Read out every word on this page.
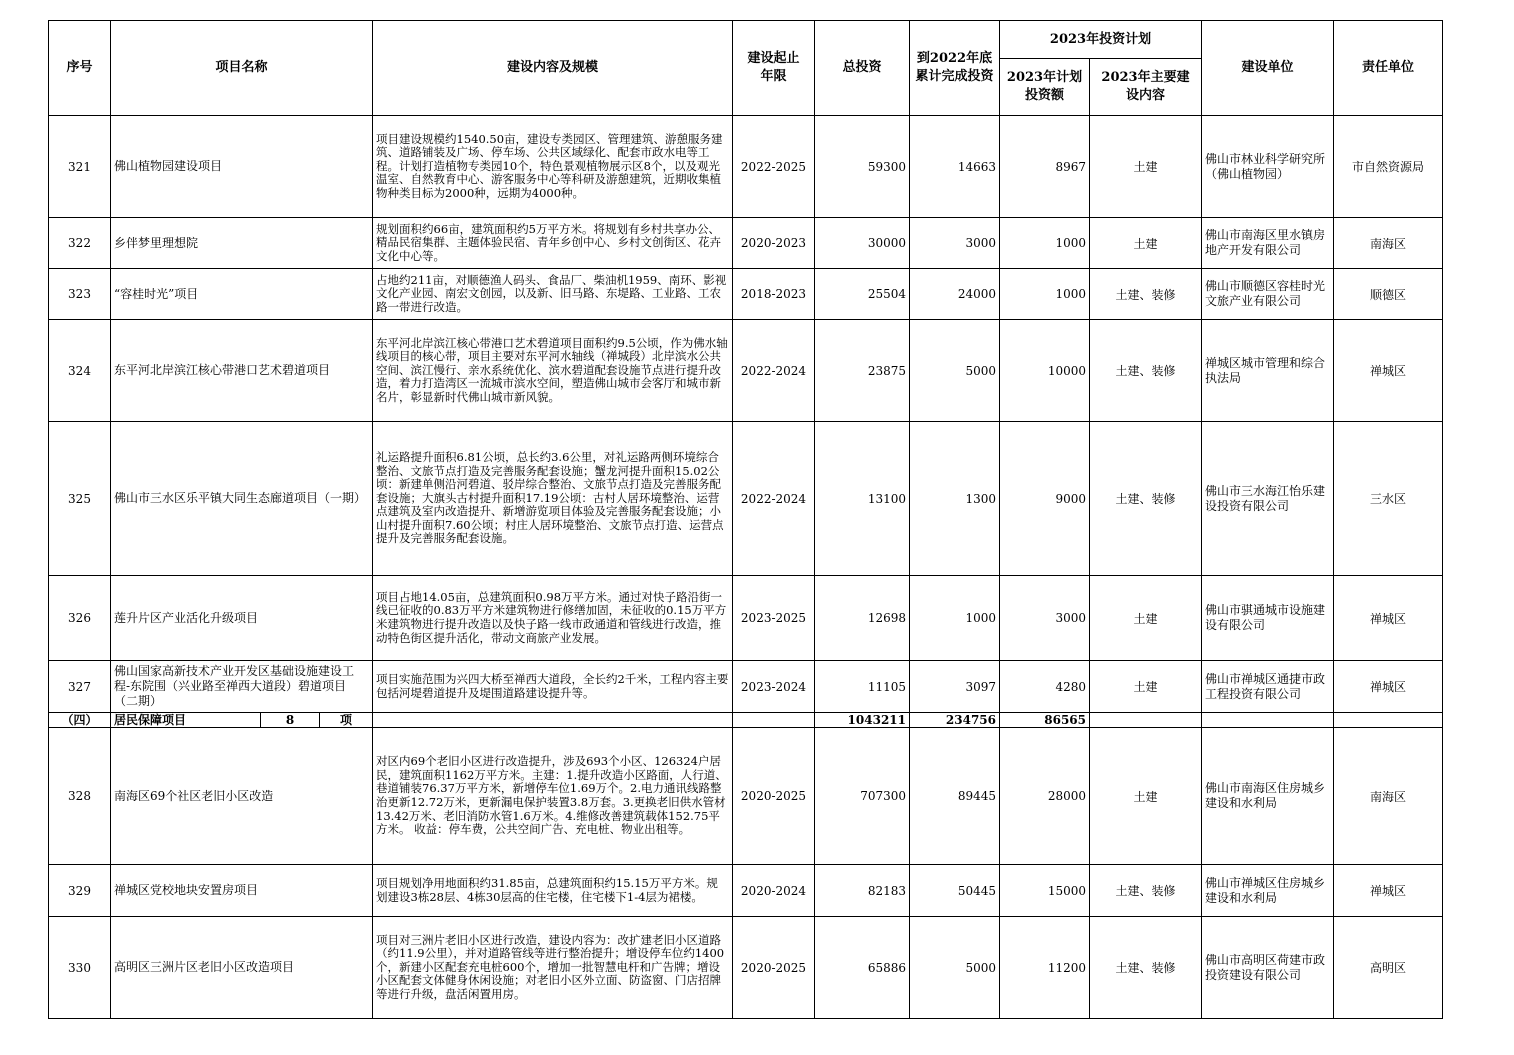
序号	项目名称	建设内容及规模	建设起止年限	总投资	到2022年底累计完成投资	2023年投资计划		建设单位	责任单位
						2023年计划投资额	2023年主要建设内容		
321	佛山植物园建设项目	项目建设规模约1540.50亩，建设专类园区、管理建筑、游憩服务建筑、道路铺装及广场、停车场、公共区域绿化、配套市政水电等工程。计划打造植物专类园10个，特色景观植物展示区8个，以及观光温室、自然教育中心、游客服务中心等科研及游憩建筑，近期收集植物种类目标为2000种，远期为4000种。	2022-2025	59300	14663	8967	土建	佛山市林业科学研究所（佛山植物园）	市自然资源局
322	乡伴梦里理想院	规划面积约66亩，建筑面积约5万平方米。将规划有乡村共享办公、精品民宿集群、主题体验民宿、青年乡创中心、乡村文创街区、花卉文化中心等。	2020-2023	30000	3000	1000	土建	佛山市南海区里水镇房地产开发有限公司	南海区
323	“容桂时光”项目	占地约211亩，对顺德渔人码头、食品厂、柴油机1959、南环、影视文化产业园、南宏文创园，以及新、旧马路、东堤路、工业路、工农路一带进行改造。	2018-2023	25504	24000	1000	土建、装修	佛山市顺德区容桂时光文旅产业有限公司	顺德区
324	东平河北岸滨江核心带港口艺术碧道项目	东平河北岸滨江核心带港口艺术碧道项目面积约9.5公顷，作为佛水轴线项目的核心带，项目主要对东平河水轴线（禅城段）北岸滨水公共空间、滨江慢行、亲水系统优化、滨水碧道配套设施节点进行提升改造，着力打造湾区一流城市滨水空间，塑造佛山城市会客厅和城市新名片，彰显新时代佛山城市新风貌。	2022-2024	23875	5000	10000	土建、装修	禅城区城市管理和综合执法局	禅城区
325	佛山市三水区乐平镇大同生态廊道项目（一期）	礼运路提升面积6.81公顷，总长约3.6公里，对礼运路两侧环境综合整治、文旅节点打造及完善服务配套设施；蟹龙河提升面积15.02公顷：新建单侧沿河碧道、驳岸综合整治、文旅节点打造及完善服务配套设施；大旗头古村提升面积17.19公顷：古村人居环境整治、运营点建筑及室内改造提升、新增游览项目体验及完善服务配套设施；小山村提升面积7.60公顷；村庄人居环境整治、文旅节点打造、运营点提升及完善服务配套设施。	2022-2024	13100	1300	9000	土建、装修	佛山市三水海江怡乐建设投资有限公司	三水区
326	莲升片区产业活化升级项目	项目占地14.05亩，总建筑面积0.98万平方米。通过对快子路沿街一线已征收的0.83万平方米建筑物进行修缮加固，未征收的0.15万平方米建筑物进行提升改造以及快子路一线市政通道和管线进行改造，推动特色街区提升活化，带动文商旅产业发展。	2023-2025	12698	1000	3000	土建	佛山市骐通城市设施建设有限公司	禅城区
327	佛山国家高新技术产业开发区基础设施建设工程-东院围（兴业路至禅西大道段）碧道项目（二期）	项目实施范围为兴四大桥至禅西大道段，全长约2千米，工程内容主要包括河堤碧道提升及堤围道路建设提升等。	2023-2024	11105	3097	4280	土建	佛山市禅城区通捷市政工程投资有限公司	禅城区
（四）	居民保障项目 8 项			1043211	234756	86565			
328	南海区69个社区老旧小区改造	对区内69个老旧小区进行改造提升，涉及693个小区、126324户居民，建筑面积1162万平方米。主建：1.提升改造小区路面，人行道、巷道铺装76.37万平方米，新增停车位1.69万个。2.电力通讯线路整治更新12.72万米，更新漏电保护装置3.8万套。3.更换老旧供水管材13.42万米、老旧消防水管1.6万米。4.维修改善建筑载体152.75平方米。 收益：停车费，公共空间广告、充电桩、物业出租等。	2020-2025	707300	89445	28000	土建	佛山市南海区住房城乡建设和水利局	南海区
329	禅城区党校地块安置房项目	项目规划净用地面积约31.85亩，总建筑面积约15.15万平方米。规划建设3栋28层、4栋30层高的住宅楼，住宅楼下1-4层为裙楼。	2020-2024	82183	50445	15000	土建、装修	佛山市禅城区住房城乡建设和水利局	禅城区
330	高明区三洲片区老旧小区改造项目	项目对三洲片老旧小区进行改造，建设内容为：改扩建老旧小区道路（约11.9公里），并对道路管线等进行整治提升；增设停车位约1400个，新建小区配套充电桩600个，增加一批智慧电杆和广告牌；增设小区配套文体健身休闲设施；对老旧小区外立面、防盗窗、门店招牌等进行升级，盘活闲置用房。	2020-2025	65886	5000	11200	土建、装修	佛山市高明区荷建市政投资建设有限公司	高明区
